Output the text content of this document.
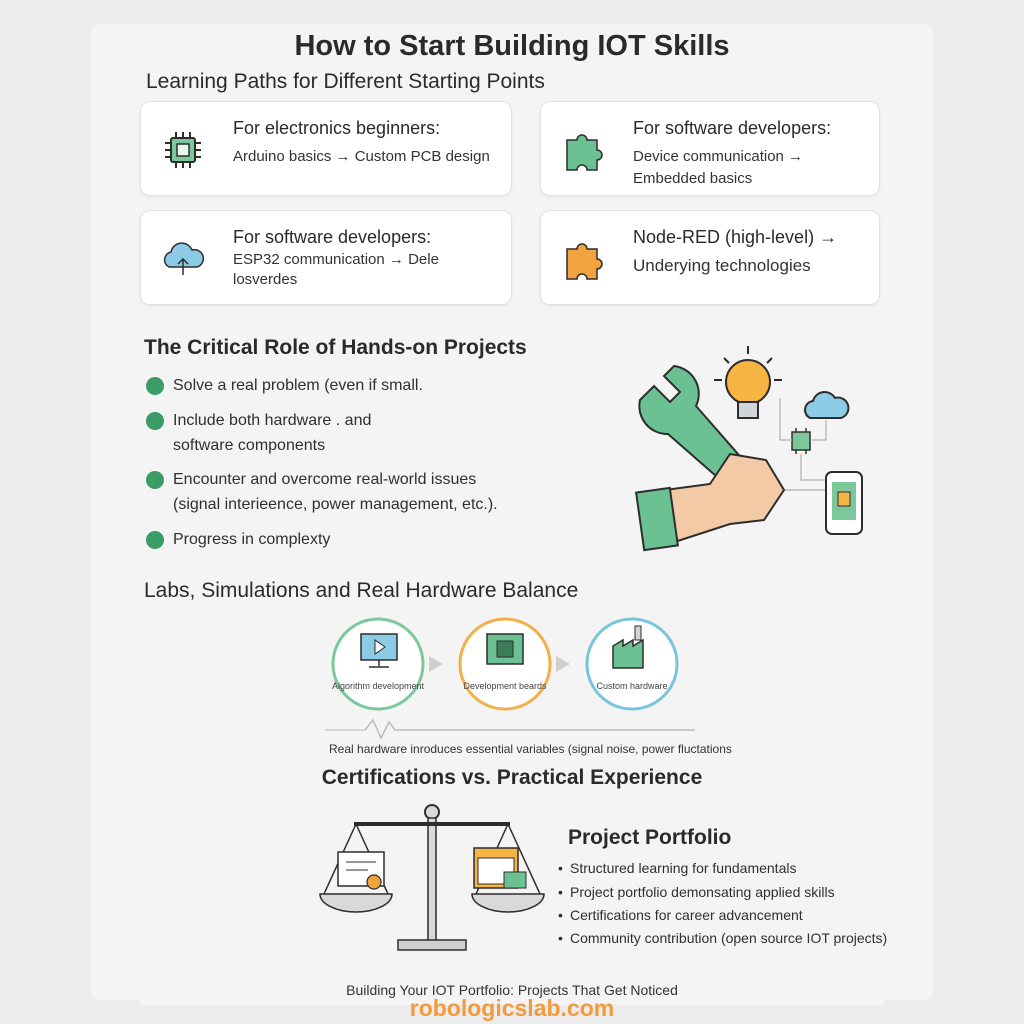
How to Start Building IOT Skills
Learning Paths for Different Starting Points
For electronics beginners:
Arduino basics → Custom PCB design
For software developers:
Device communication →
Embedded basics
For software developers:
ESP32 communication → Dele
losverdes
Node-RED (high-level) →
Underying technologies
The Critical Role of Hands-on Projects
Solve a real problem (even if small.
Include both hardware . and
software components
Encounter and overcome real-world issues
(signal interieence, power management, etc.).
Progress in complexty
Labs, Simulations and Real Hardware Balance
Algorithm development	Development beards	Custom hardware
Real hardware inroduces essential variables (signal noise, power fluctations
Certifications vs. Practical Experience
Project Portfolio
• Structured learning for fundamentals
• Project portfolio demonsating applied skills
• Certifications for career advancement
• Community contribution (open source IOT projects)
Building Your IOT Portfolio: Projects That Get Noticed
robologicslab.com
